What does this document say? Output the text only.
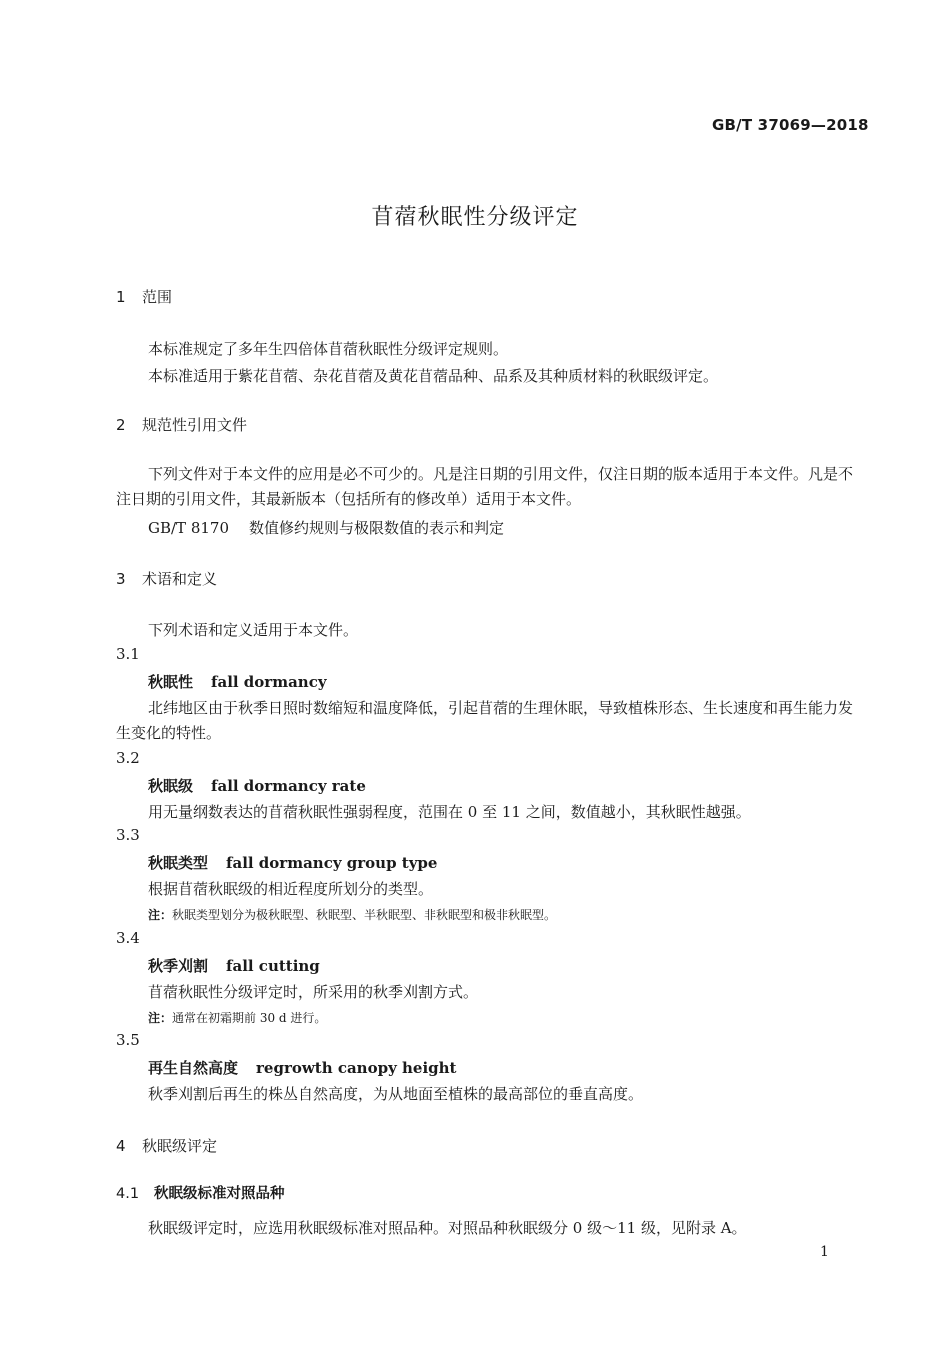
GB/T 37069—2018
苜蓿秋眠性分级评定
1 范围
本标准规定了多年生四倍体苜蓿秋眠性分级评定规则。
本标准适用于紫花苜蓿、杂花苜蓿及黄花苜蓿品种、品系及其种质材料的秋眠级评定。
2 规范性引用文件
下列文件对于本文件的应用是必不可少的。凡是注日期的引用文件，仅注日期的版本适用于本文件。凡是不注日期的引用文件，其最新版本（包括所有的修改单）适用于本文件。
GB/T 8170 数值修约规则与极限数值的表示和判定
3 术语和定义
下列术语和定义适用于本文件。
3.1
秋眠性 fall dormancy
北纬地区由于秋季日照时数缩短和温度降低，引起苜蓿的生理休眠，导致植株形态、生长速度和再生能力发生变化的特性。
3.2
秋眠级 fall dormancy rate
用无量纲数表达的苜蓿秋眠性强弱程度，范围在 0 至 11 之间，数值越小，其秋眠性越强。
3.3
秋眠类型 fall dormancy group type
根据苜蓿秋眠级的相近程度所划分的类型。
注：秋眠类型划分为极秋眠型、秋眠型、半秋眠型、非秋眠型和极非秋眠型。
3.4
秋季刈割 fall cutting
苜蓿秋眠性分级评定时，所采用的秋季刈割方式。
注：通常在初霜期前 30 d 进行。
3.5
再生自然高度 regrowth canopy height
秋季刈割后再生的株丛自然高度，为从地面至植株的最高部位的垂直高度。
4 秋眠级评定
4.1 秋眠级标准对照品种
秋眠级评定时，应选用秋眠级标准对照品种。对照品种秋眠级分 0 级～11 级，见附录 A。
1
